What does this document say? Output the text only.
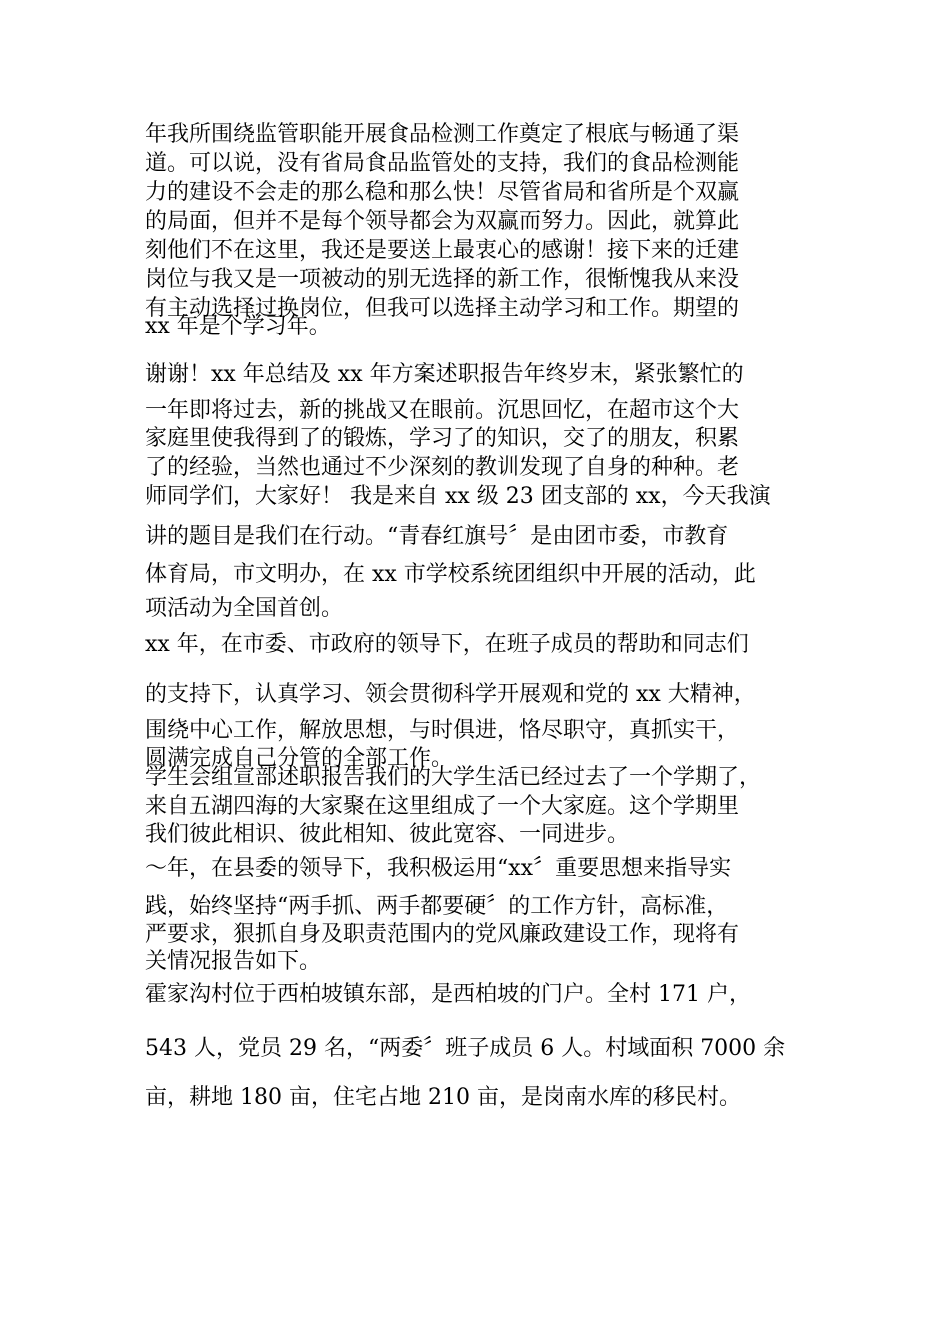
年我所围绕监管职能开展食品检测工作奠定了根底与畅通了渠
道。可以说，没有省局食品监管处的支持，我们的食品检测能
力的建设不会走的那么稳和那么快！尽管省局和省所是个双赢
的局面，但并不是每个领导都会为双赢而努力。因此，就算此
刻他们不在这里，我还是要送上最衷心的感谢！接下来的迁建
岗位与我又是一项被动的别无选择的新工作，很惭愧我从来没
有主动选择过换岗位，但我可以选择主动学习和工作。期望的
xx 年是个学习年。
谢谢！xx 年总结及 xx 年方案述职报告年终岁末，紧张繁忙的
一年即将过去，新的挑战又在眼前。沉思回忆，在超市这个大
家庭里使我得到了的锻炼，学习了的知识，交了的朋友，积累
了的经验，当然也通过不少深刻的教训发现了自身的种种。老
师同学们，大家好！ 我是来自 xx 级 23 团支部的 xx，今天我演
讲的题目是我们在行动。“青春红旗号〞是由团市委，市教育
体育局，市文明办，在 xx 市学校系统团组织中开展的活动，此
项活动为全国首创。
xx 年，在市委、市政府的领导下，在班子成员的帮助和同志们
的支持下，认真学习、领会贯彻科学开展观和党的 xx 大精神，
围绕中心工作，解放思想，与时俱进，恪尽职守，真抓实干，
圆满完成自己分管的全部工作。
学生会组宣部述职报告我们的大学生活已经过去了一个学期了，
来自五湖四海的大家聚在这里组成了一个大家庭。这个学期里
我们彼此相识、彼此相知、彼此宽容、一同进步。
～年，在县委的领导下，我积极运用“xx〞重要思想来指导实
践，始终坚持“两手抓、两手都要硬〞的工作方针，高标准，
严要求，狠抓自身及职责范围内的党风廉政建设工作，现将有
关情况报告如下。
霍家沟村位于西柏坡镇东部，是西柏坡的门户。全村 171 户，
543 人，党员 29 名，“两委〞班子成员 6 人。村域面积 7000 余
亩，耕地 180 亩，住宅占地 210 亩，是岗南水库的移民村。
